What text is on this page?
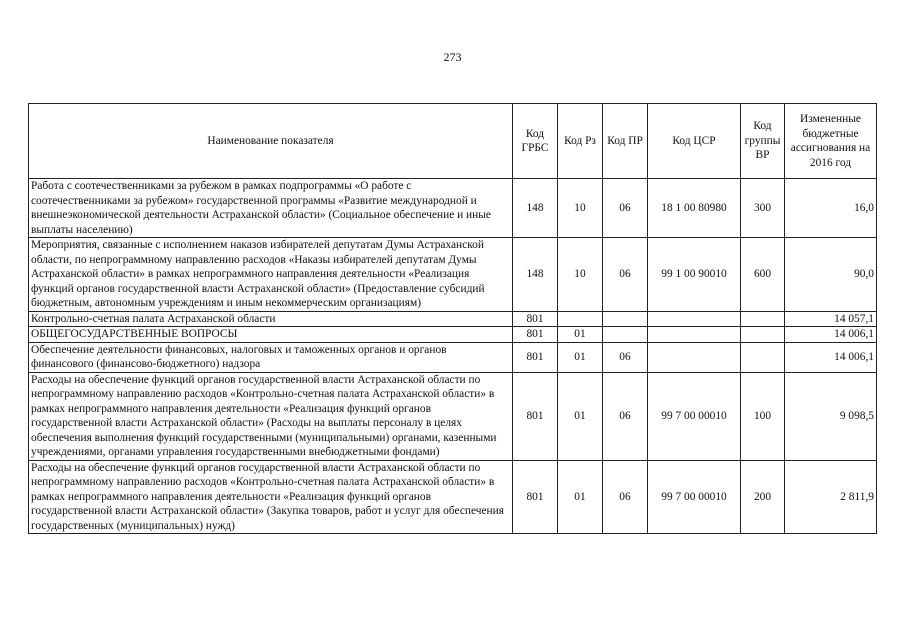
273
Наименование показателя	Код ГРБС	Код Рз	Код ПР	Код ЦСР	Код группы ВР	Измененные бюджетные ассигнования на 2016 год
Работа с соотечественниками за рубежом в рамках подпрограммы «О работе с соотечественниками за рубежом» государственной программы «Развитие международной и внешнеэкономической деятельности Астраханской области» (Социальное обеспечение и иные выплаты населению)	148	10	06	18 1 00 80980	300	16,0
Мероприятия, связанные с исполнением наказов избирателей депутатам Думы Астраханской области, по непрограммному направлению расходов «Наказы избирателей депутатам Думы Астраханской области» в рамках непрограммного направления деятельности «Реализация функций органов государственной власти Астраханской области» (Предоставление субсидий бюджетным, автономным учреждениям и иным некоммерческим организациям)	148	10	06	99 1 00 90010	600	90,0
Контрольно-счетная палата Астраханской области	801					14 057,1
ОБЩЕГОСУДАРСТВЕННЫЕ ВОПРОСЫ	801	01				14 006,1
Обеспечение деятельности финансовых, налоговых и таможенных органов и органов финансового (финансово-бюджетного) надзора	801	01	06			14 006,1
Расходы на обеспечение функций органов государственной власти Астраханской области по непрограммному направлению расходов «Контрольно-счетная палата Астраханской области» в рамках непрограммного направления деятельности «Реализация функций органов государственной власти Астраханской области» (Расходы на выплаты персоналу в целях обеспечения выполнения функций государственными (муниципальными) органами, казенными учреждениями, органами управления государственными внебюджетными фондами)	801	01	06	99 7 00 00010	100	9 098,5
Расходы на обеспечение функций органов государственной власти Астраханской области по непрограммному направлению расходов «Контрольно-счетная палата Астраханской области» в рамках непрограммного направления деятельности «Реализация функций органов государственной власти Астраханской области» (Закупка товаров, работ и услуг для обеспечения государственных (муниципальных) нужд)	801	01	06	99 7 00 00010	200	2 811,9
